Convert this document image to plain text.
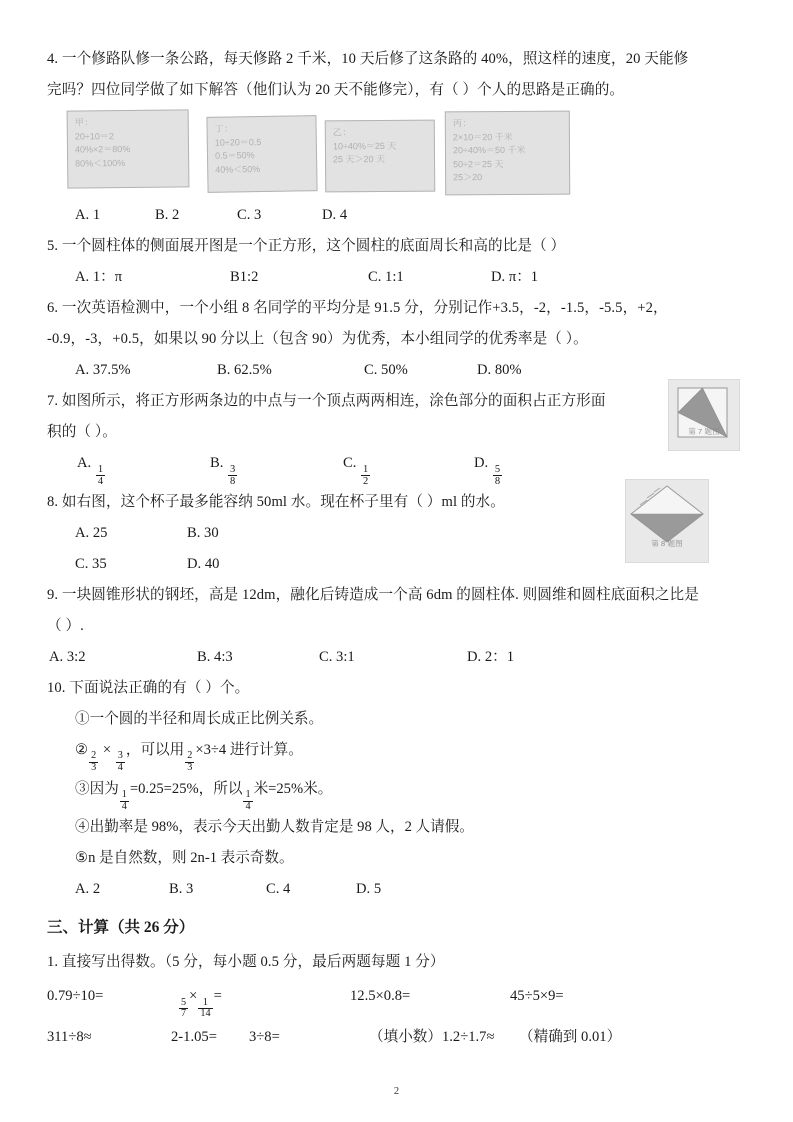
4. 一个修路队修一条公路，每天修路 2 千米，10 天后修了这条路的 40%，照这样的速度，20 天能修
完吗？四位同学做了如下解答（他们认为 20 天不能修完），有（ ）个人的思路是正确的。
甲：
20÷10＝2
40%×2＝80%
80%＜100%
丁：
10÷20＝0.5
0.5＝50%
40%＜50%
乙：
10÷40%＝25 天
25 天＞20 天
丙：
2×10＝20 千米
20÷40%＝50 千米
50÷2＝25 天
25＞20
A. 1	B. 2	C. 3	D. 4
5. 一个圆柱体的侧面展开图是一个正方形，这个圆柱的底面周长和高的比是（ ）
A. 1：π	B1:2	C. 1:1	D. π：1
6. 一次英语检测中，一个小组 8 名同学的平均分是 91.5 分，分别记作+3.5，-2，-1.5，-5.5，+2，
-0.9，-3，+0.5，如果以 90 分以上（包含 90）为优秀，本小组同学的优秀率是（ ）。
A. 37.5%	B. 62.5%	C. 50%	D. 80%
7. 如图所示，将正方形两条边的中点与一个顶点两两相连，涂色部分的面积占正方形面
积的（ ）。	第 7 题图
A.
$\frac{1}{4}$
B.
$\frac{3}{8}$
C.
$\frac{1}{2}$
D.
$\frac{5}{8}$
8. 如右图，这个杯子最多能容纳 50ml 水。现在杯子里有（ ）ml 的水。
第 8 题图
A. 25	B. 30
C. 35	D. 40
9. 一块圆锥形状的钢坯，高是 12dm，融化后铸造成一个高 6dm 的圆柱体. 则圆维和圆柱底面积之比是
（ ）.
A. 3:2	B. 4:3	C. 3:1	D. 2：1
10. 下面说法正确的有（ ）个。
①一个圆的半径和周长成正比例关系。
②
$\frac{2}{3}$
×
$\frac{3}{4}$
，可以用
$\frac{2}{3}$
×3÷4 进行计算。
③因为
$\frac{1}{4}$
=0.25=25%，所以
$\frac{1}{4}$
米=25%米。
④出勤率是 98%，表示今天出勤人数肯定是 98 人，2 人请假。
⑤n 是自然数，则 2n-1 表示奇数。
A. 2	B. 3	C. 4	D. 5
三、计算（共 26 分）
1. 直接写出得数。（5 分，每小题 0.5 分，最后两题每题 1 分）
0.79÷10=
$\frac{5}{7}$
×
$\frac{1}{14}$
=	12.5×0.8=	45÷5×9=
311÷8≈	2-1.05=	3÷8=	（填小数）1.2÷1.7≈	（精确到 0.01）
2
